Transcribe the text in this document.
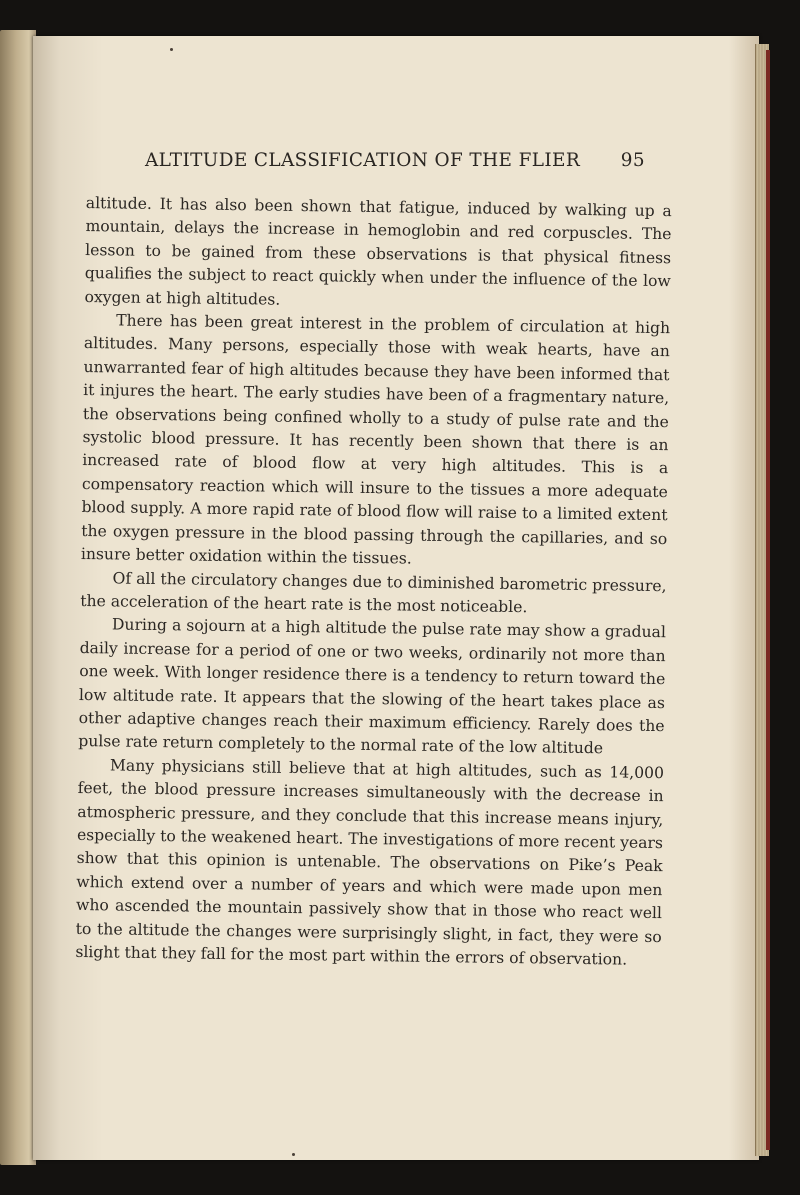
ALTITUDE CLASSIFICATION OF THE FLIER 95

altitude. It has also been shown that fatigue, induced by walking up a mountain, delays the increase in hemoglobin and red corpuscles. The lesson to be gained from these observations is that physical fitness qualifies the subject to react quickly when under the influence of the low oxygen at high altitudes.

There has been great interest in the problem of circulation at high altitudes. Many persons, especially those with weak hearts, have an unwarranted fear of high altitudes because they have been informed that it injures the heart. The early studies have been of a fragmentary nature, the observations being confined wholly to a study of pulse rate and the systolic blood pressure. It has recently been shown that there is an increased rate of blood flow at very high altitudes. This is a compensatory reaction which will insure to the tissues a more adequate blood supply. A more rapid rate of blood flow will raise to a limited extent the oxygen pressure in the blood passing through the capillaries, and so insure better oxidation within the tissues.

Of all the circulatory changes due to diminished barometric pressure, the acceleration of the heart rate is the most noticeable.

During a sojourn at a high altitude the pulse rate may show a gradual daily increase for a period of one or two weeks, ordinarily not more than one week. With longer residence there is a tendency to return toward the low altitude rate. It appears that the slowing of the heart takes place as other adaptive changes reach their maximum efficiency. Rarely does the pulse rate return completely to the normal rate of the low altitude

Many physicians still believe that at high altitudes, such as 14,000 feet, the blood pressure increases simultaneously with the decrease in atmospheric pressure, and they conclude that this increase means injury, especially to the weakened heart. The investigations of more recent years show that this opinion is untenable. The observations on Pike’s Peak which extend over a number of years and which were made upon men who ascended the mountain passively show that in those who react well to the altitude the changes were surprisingly slight, in fact, they were so slight that they fall for the most part within the errors of observation.
